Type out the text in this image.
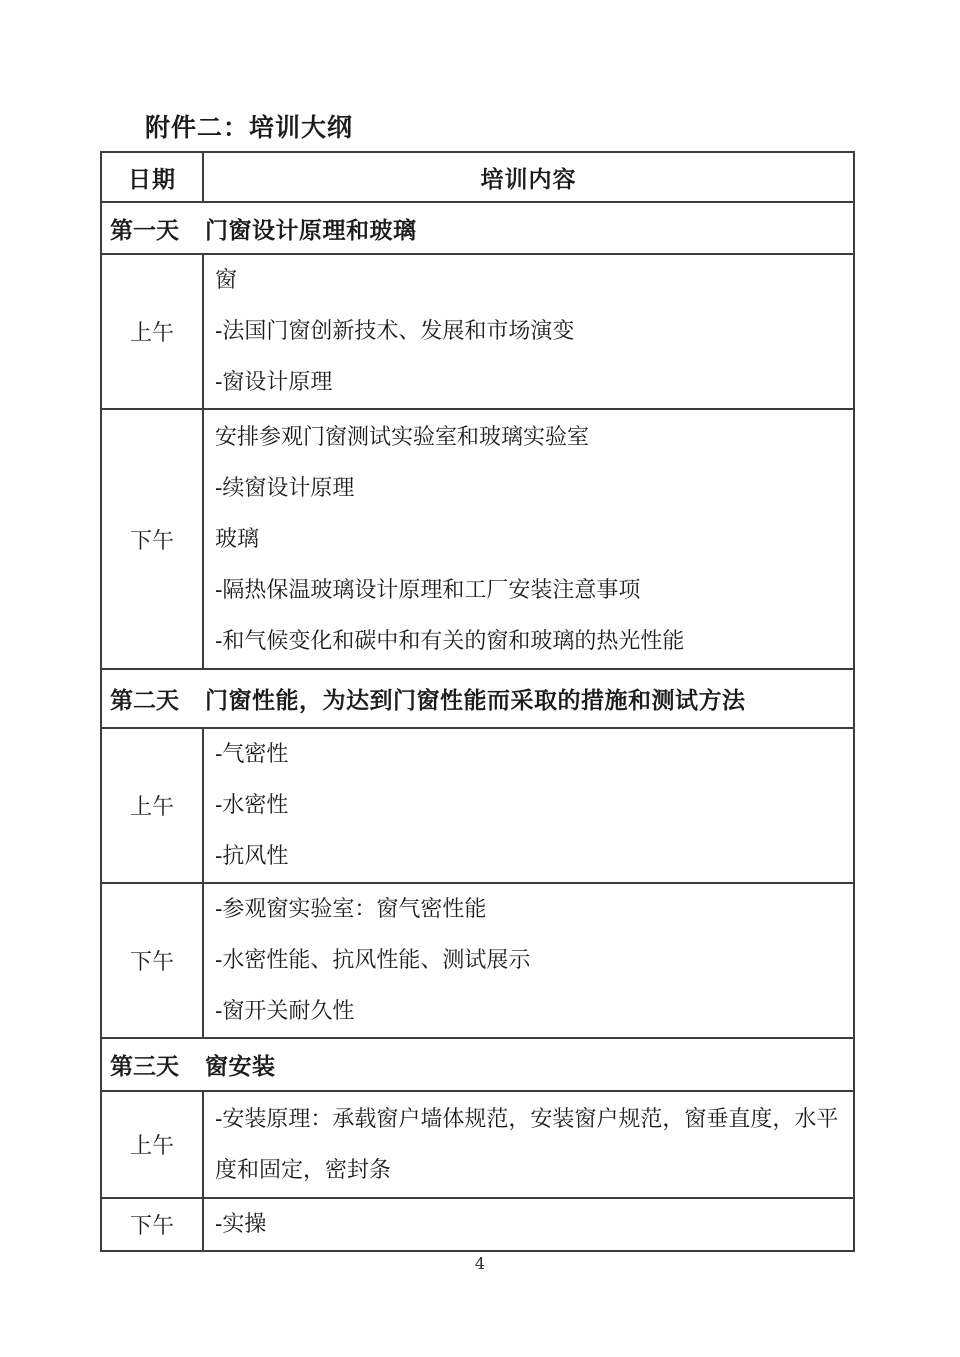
附件二：培训大纲
日期	培训内容
第一天 门窗设计原理和玻璃	
上午	窗
-法国门窗创新技术、发展和市场演变
-窗设计原理

下午	安排参观门窗测试实验室和玻璃实验室
-续窗设计原理
玻璃
-隔热保温玻璃设计原理和工厂安装注意事项
-和气候变化和碳中和有关的窗和玻璃的热光性能

第二天 门窗性能，为达到门窗性能而采取的措施和测试方法	
上午	-气密性
-水密性
-抗风性

下午	-参观窗实验室：窗气密性能
-水密性能、抗风性能、测试展示
-窗开关耐久性

第三天 窗安装	
上午	-安装原理：承载窗户墙体规范，安装窗户规范，窗垂直度，水平度和固定，密封条

下午	-实操
4
